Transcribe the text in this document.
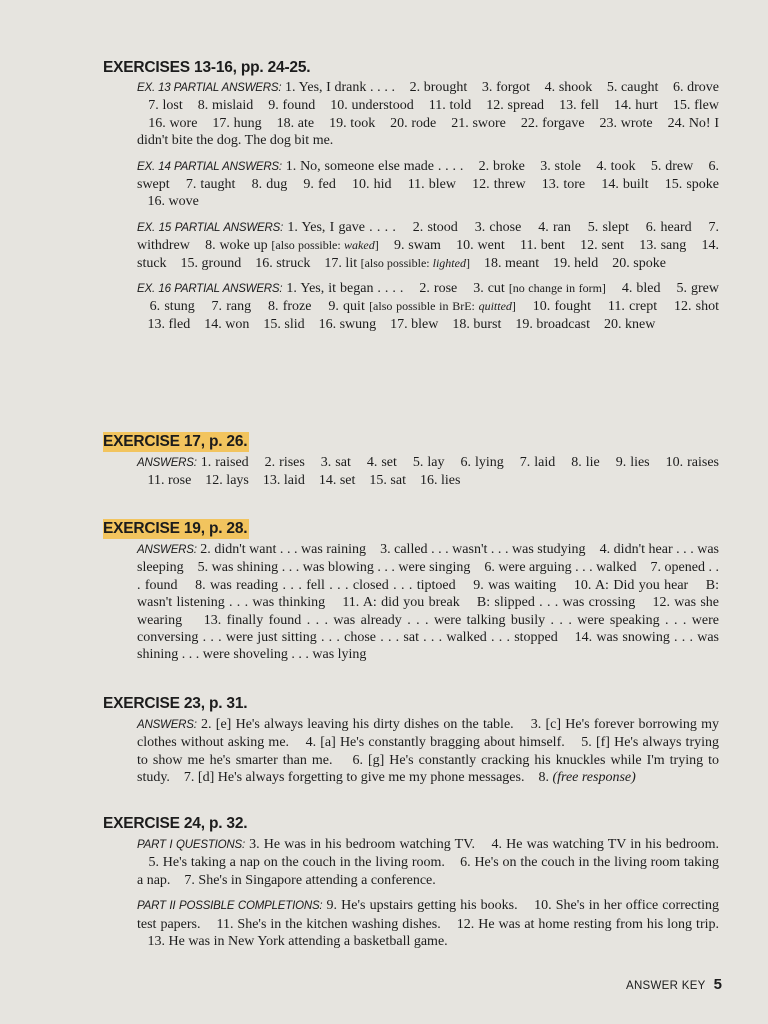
EXERCISES 13-16, pp. 24-25.
EX. 13 PARTIAL ANSWERS: 1. Yes, I drank . . . .    2. brought    3. forgot    4. shook    5. caught    6. drove    7. lost    8. mislaid    9. found    10. understood    11. told    12. spread    13. fell    14. hurt    15. flew    16. wore    17. hung    18. ate    19. took    20. rode    21. swore    22. forgave    23. wrote    24. No! I didn't bite the dog. The dog bit me.
EX. 14 PARTIAL ANSWERS: 1. No, someone else made . . . .    2. broke    3. stole    4. took    5. drew    6. swept    7. taught    8. dug    9. fed    10. hid    11. blew    12. threw    13. tore    14. built    15. spoke    16. wove
EX. 15 PARTIAL ANSWERS: 1. Yes, I gave . . . .    2. stood    3. chose    4. ran    5. slept    6. heard    7. withdrew    8. woke up [also possible: waked]    9. swam    10. went    11. bent    12. sent    13. sang    14. stuck    15. ground    16. struck    17. lit [also possible: lighted]    18. meant    19. held    20. spoke
EX. 16 PARTIAL ANSWERS: 1. Yes, it began . . . .    2. rose    3. cut [no change in form]    4. bled    5. grew    6. stung    7. rang    8. froze    9. quit [also possible in BrE: quitted]    10. fought    11. crept    12. shot    13. fled    14. won    15. slid    16. swung    17. blew    18. burst    19. broadcast    20. knew
EXERCISE 17, p. 26.
ANSWERS: 1. raised    2. rises    3. sat    4. set    5. lay    6. lying    7. laid    8. lie    9. lies    10. raises    11. rose    12. lays    13. laid    14. set    15. sat    16. lies
EXERCISE 19, p. 28.
ANSWERS: 2. didn't want . . . was raining    3. called . . . wasn't . . . was studying    4. didn't hear . . . was sleeping    5. was shining . . . was blowing . . . were singing    6. were arguing . . . walked    7. opened . . . found    8. was reading . . . fell . . . closed . . . tiptoed    9. was waiting    10. A: Did you hear    B: wasn't listening . . . was thinking    11. A: did you break    B: slipped . . . was crossing    12. was she wearing    13. finally found . . . was already . . . were talking busily . . . were speaking . . . were conversing . . . were just sitting . . . chose . . . sat . . . walked . . . stopped    14. was snowing . . . was shining . . . were shoveling . . . was lying
EXERCISE 23, p. 31.
ANSWERS: 2. [e] He's always leaving his dirty dishes on the table.    3. [c] He's forever borrowing my clothes without asking me.    4. [a] He's constantly bragging about himself.    5. [f] He's always trying to show me he's smarter than me.    6. [g] He's constantly cracking his knuckles while I'm trying to study.    7. [d] He's always forgetting to give me my phone messages.    8. (free response)
EXERCISE 24, p. 32.
PART I QUESTIONS: 3. He was in his bedroom watching TV.    4. He was watching TV in his bedroom.    5. He's taking a nap on the couch in the living room.    6. He's on the couch in the living room taking a nap.    7. She's in Singapore attending a conference.
PART II POSSIBLE COMPLETIONS: 9. He's upstairs getting his books.    10. She's in her office correcting test papers.    11. She's in the kitchen washing dishes.    12. He was at home resting from his long trip.    13. He was in New York attending a basketball game.
ANSWER KEY 5
